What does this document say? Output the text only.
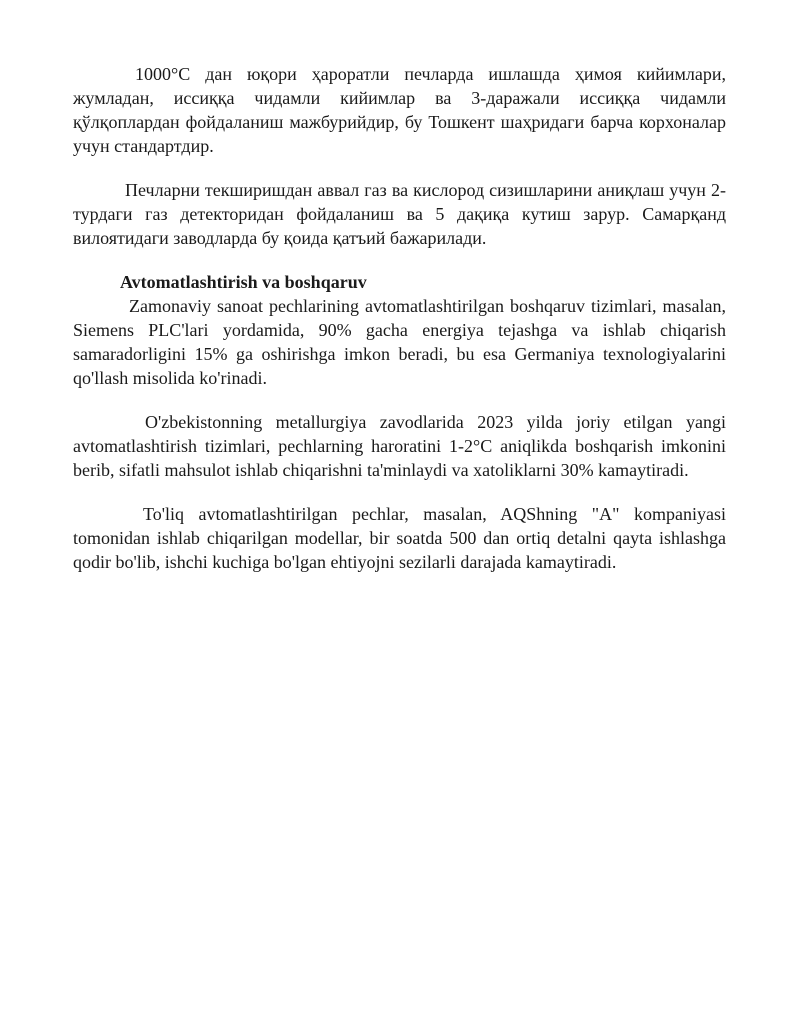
1000°C дан юқори ҳароратли печларда ишлашда ҳимоя кийимлари, жумладан, иссиққа чидамли кийимлар ва 3-даражали иссиққа чидамли қўлқоплардан фойдаланиш мажбурийдир, бу Тошкент шаҳридаги барча корхоналар учун стандартдир.

Печларни текширишдан аввал газ ва кислород сизишларини аниқлаш учун 2-турдаги газ детекторидан фойдаланиш ва 5 дақиқа кутиш зарур. Самарқанд вилоятидаги заводларда бу қоида қатъий бажарилади.

Avtomatlashtirish va boshqaruv

Zamonaviy sanoat pechlarining avtomatlashtirilgan boshqaruv tizimlari, masalan, Siemens PLC'lari yordamida, 90% gacha energiya tejashga va ishlab chiqarish samaradorligini 15% ga oshirishga imkon beradi, bu esa Germaniya texnologiyalarini qo'llash misolida ko'rinadi.

O'zbekistonning metallurgiya zavodlarida 2023 yilda joriy etilgan yangi avtomatlashtirish tizimlari, pechlarning haroratini 1-2°C aniqlikda boshqarish imkonini berib, sifatli mahsulot ishlab chiqarishni ta'minlaydi va xatoliklarni 30% kamaytiradi.

To'liq avtomatlashtirilgan pechlar, masalan, AQShning "A" kompaniyasi tomonidan ishlab chiqarilgan modellar, bir soatda 500 dan ortiq detalni qayta ishlashga qodir bo'lib, ishchi kuchiga bo'lgan ehtiyojni sezilarli darajada kamaytiradi.
